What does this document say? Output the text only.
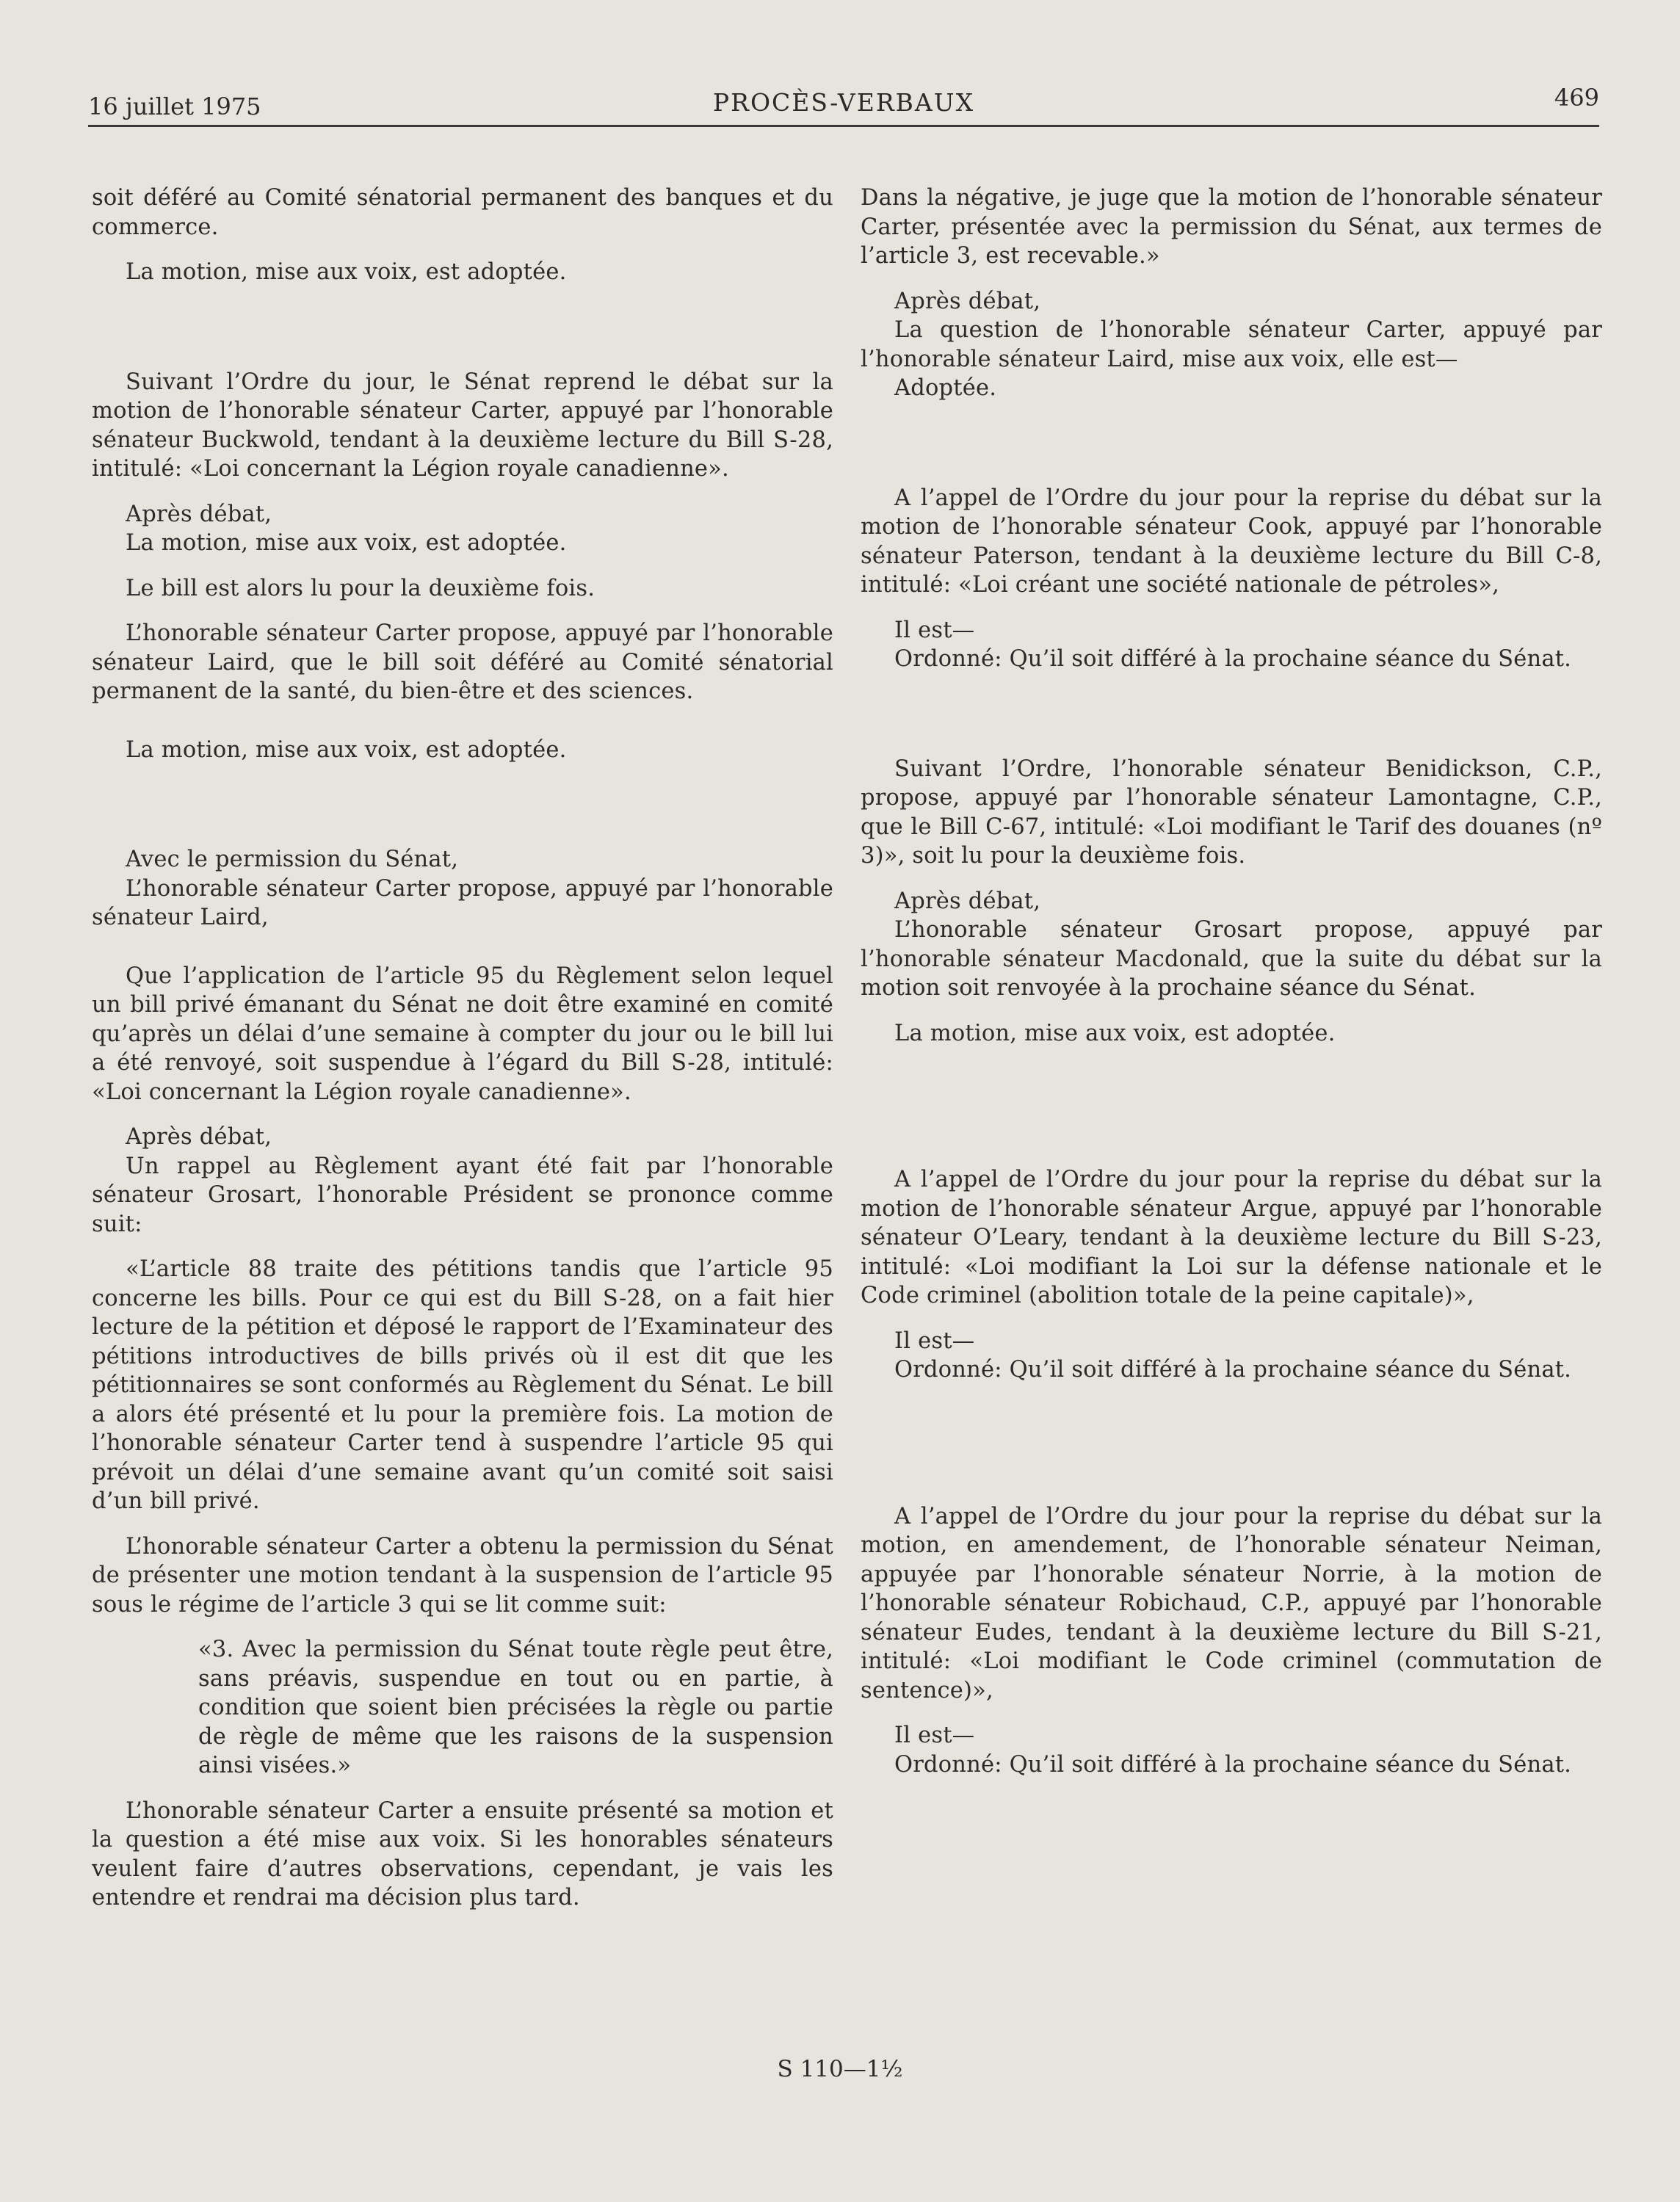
16 juillet 1975	PROCÈS-VERBAUX	469

soit déféré au Comité sénatorial permanent des banques et du commerce.

La motion, mise aux voix, est adoptée.

Suivant l’Ordre du jour, le Sénat reprend le débat sur la motion de l’honorable sénateur Carter, appuyé par l’honorable sénateur Buckwold, tendant à la deuxième lecture du Bill S-28, intitulé: «Loi concernant la Légion royale canadienne».

Après débat,

La motion, mise aux voix, est adoptée.

Le bill est alors lu pour la deuxième fois.

L’honorable sénateur Carter propose, appuyé par l’honorable sénateur Laird, que le bill soit déféré au Comité sénatorial permanent de la santé, du bien-être et des sciences.

La motion, mise aux voix, est adoptée.

Avec le permission du Sénat,

L’honorable sénateur Carter propose, appuyé par l’honorable sénateur Laird,

Que l’application de l’article 95 du Règlement selon lequel un bill privé émanant du Sénat ne doit être examiné en comité qu’après un délai d’une semaine à compter du jour ou le bill lui a été renvoyé, soit suspendue à l’égard du Bill S-28, intitulé: «Loi concernant la Légion royale canadienne».

Après débat,

Un rappel au Règlement ayant été fait par l’honorable sénateur Grosart, l’honorable Président se prononce comme suit:

«L’article 88 traite des pétitions tandis que l’article 95 concerne les bills. Pour ce qui est du Bill S-28, on a fait hier lecture de la pétition et déposé le rapport de l’Examinateur des pétitions introductives de bills privés où il est dit que les pétitionnaires se sont conformés au Règlement du Sénat. Le bill a alors été présenté et lu pour la première fois. La motion de l’honorable sénateur Carter tend à suspendre l’article 95 qui prévoit un délai d’une semaine avant qu’un comité soit saisi d’un bill privé.

L’honorable sénateur Carter a obtenu la permission du Sénat de présenter une motion tendant à la suspension de l’article 95 sous le régime de l’article 3 qui se lit comme suit:

«3. Avec la permission du Sénat toute règle peut être, sans préavis, suspendue en tout ou en partie, à condition que soient bien précisées la règle ou partie de règle de même que les raisons de la suspension ainsi visées.»

L’honorable sénateur Carter a ensuite présenté sa motion et la question a été mise aux voix. Si les honorables sénateurs veulent faire d’autres observations, cependant, je vais les entendre et rendrai ma décision plus tard.

Dans la négative, je juge que la motion de l’honorable sénateur Carter, présentée avec la permission du Sénat, aux termes de l’article 3, est recevable.»

Après débat,

La question de l’honorable sénateur Carter, appuyé par l’honorable sénateur Laird, mise aux voix, elle est—

Adoptée.

A l’appel de l’Ordre du jour pour la reprise du débat sur la motion de l’honorable sénateur Cook, appuyé par l’honorable sénateur Paterson, tendant à la deuxième lecture du Bill C-8, intitulé: «Loi créant une société nationale de pétroles»,

Il est—

Ordonné: Qu’il soit différé à la prochaine séance du Sénat.

Suivant l’Ordre, l’honorable sénateur Benidickson, C.P., propose, appuyé par l’honorable sénateur Lamontagne, C.P., que le Bill C-67, intitulé: «Loi modifiant le Tarif des douanes (nº 3)», soit lu pour la deuxième fois.

Après débat,

L’honorable sénateur Grosart propose, appuyé par l’honorable sénateur Macdonald, que la suite du débat sur la motion soit renvoyée à la prochaine séance du Sénat.

La motion, mise aux voix, est adoptée.

A l’appel de l’Ordre du jour pour la reprise du débat sur la motion de l’honorable sénateur Argue, appuyé par l’honorable sénateur O’Leary, tendant à la deuxième lecture du Bill S-23, intitulé: «Loi modifiant la Loi sur la défense nationale et le Code criminel (abolition totale de la peine capitale)»,

Il est—

Ordonné: Qu’il soit différé à la prochaine séance du Sénat.

A l’appel de l’Ordre du jour pour la reprise du débat sur la motion, en amendement, de l’honorable sénateur Neiman, appuyée par l’honorable sénateur Norrie, à la motion de l’honorable sénateur Robichaud, C.P., appuyé par l’honorable sénateur Eudes, tendant à la deuxième lecture du Bill S-21, intitulé: «Loi modifiant le Code criminel (commutation de sentence)»,

Il est—

Ordonné: Qu’il soit différé à la prochaine séance du Sénat.

S 110—1½
